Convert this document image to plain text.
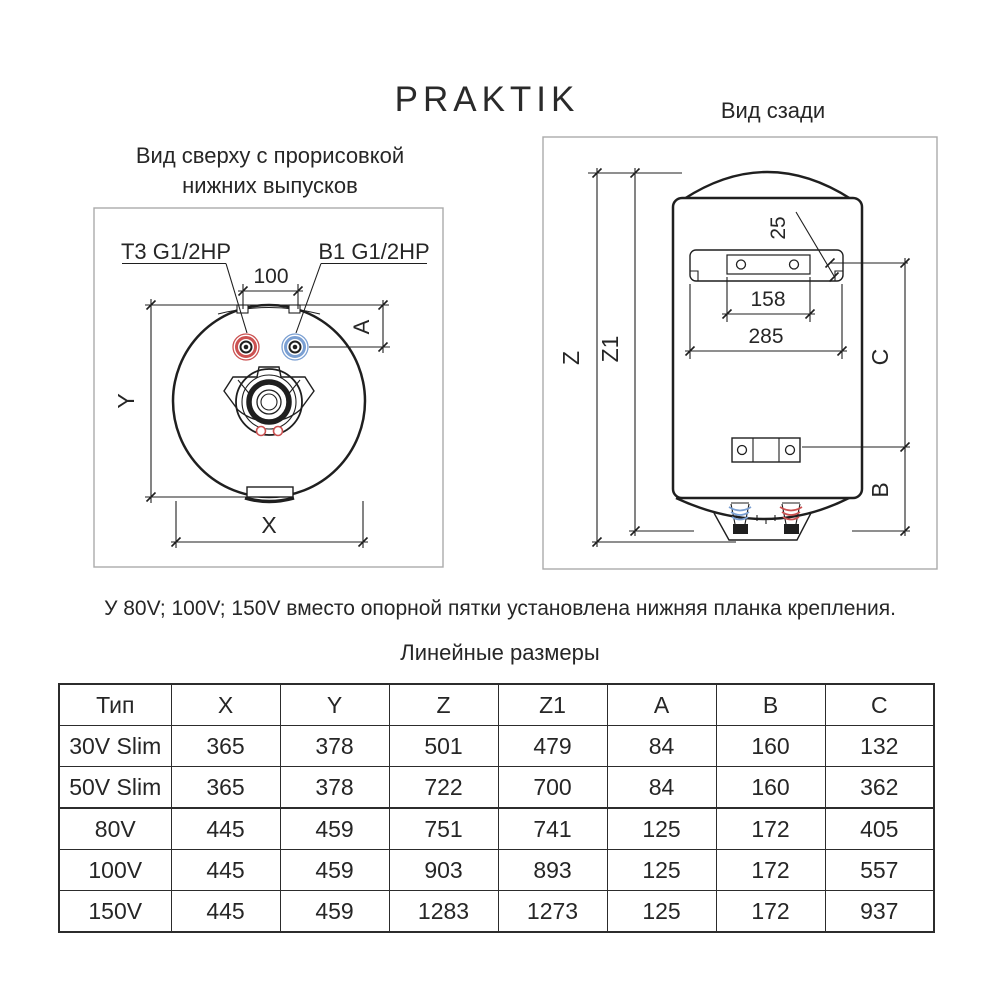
PRAKTIK
Вид сверху с прорисовкой
нижних выпусков
Вид сзади
Т3 G1/2НР	В1 G1/2НР
100
A
Y
X
25
158
285
C
B
Z Z1
У 80V; 100V; 150V вместо опорной пятки установлена нижняя планка крепления.
Линейные размеры
Тип	X	Y	Z	Z1	A	B	C
30V Slim	365	378	501	479	84	160	132
50V Slim	365	378	722	700	84	160	362
80V	445	459	751	741	125	172	405
100V	445	459	903	893	125	172	557
150V	445	459	1283	1273	125	172	937
